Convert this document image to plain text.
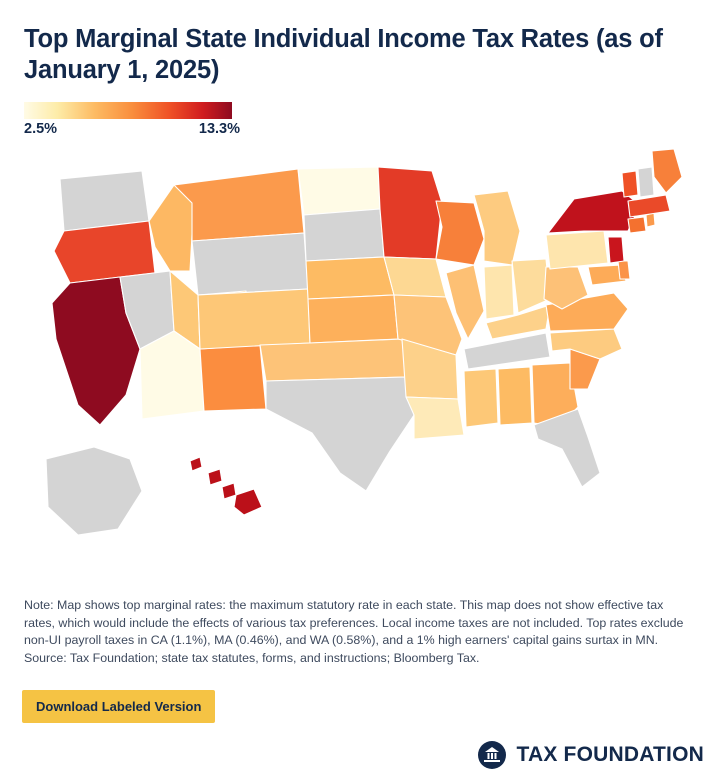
Top Marginal State Individual Income Tax Rates (as of January 1, 2025)
2.5%	13.3%

Note: Map shows top marginal rates: the maximum statutory rate in each state. This map does not show effective tax rates, which would include the effects of various tax preferences. Local income taxes are not included. Top rates exclude non-UI payroll taxes in CA (1.1%), MA (0.46%), and WA (0.58%), and a 1% high earners' capital gains surtax in MN.

Source: Tax Foundation; state tax statutes, forms, and instructions; Bloomberg Tax.

Download Labeled Version
TAX FOUNDATION
